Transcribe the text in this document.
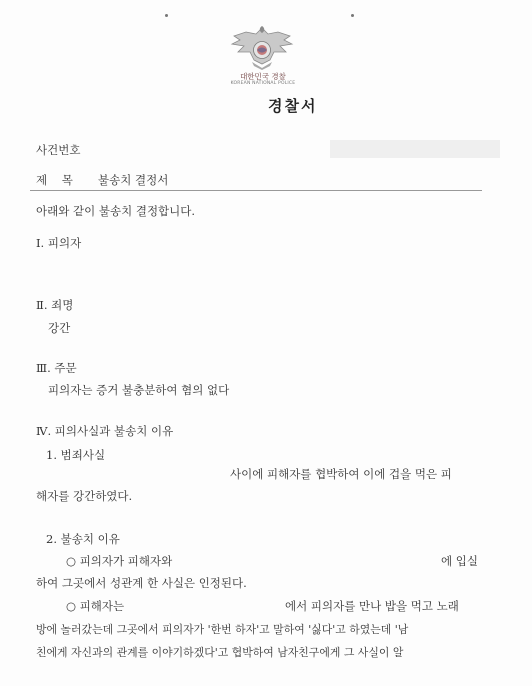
대한민국 경찰
KOREAN NATIONAL POLICE
경찰서
사건번호
제    목 불송치 결정서
아래와 같이 불송치 결정합니다.
Ⅰ. 피의자
Ⅱ. 죄명
강간
Ⅲ. 주문
피의자는 증거 불충분하여 혐의 없다
Ⅳ. 피의사실과 불송치 이유
1. 범죄사실
사이에 피해자를 협박하여 이에 겁을 먹은 피
해자를 강간하였다.
2. 불송치 이유
○ 피의자가 피해자와	에 입실
하여 그곳에서 성관계 한 사실은 인정된다.
○ 피해자는	에서 피의자를 만나 밥을 먹고 노래
방에 놀러갔는데 그곳에서 피의자가 '한번 하자'고 말하여 '싫다'고 하였는데 '남
친에게 자신과의 관계를 이야기하겠다'고 협박하여 남자친구에게 그 사실이 알
